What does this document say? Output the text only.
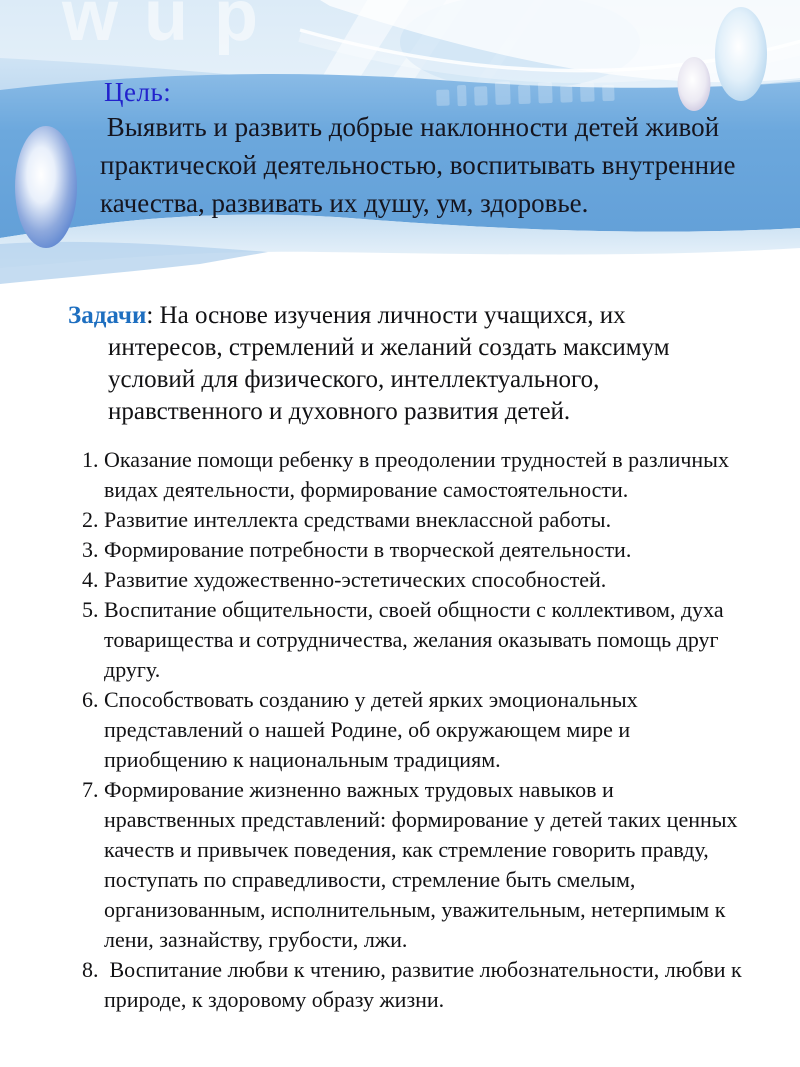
wup
Цель:
Выявить и развить добрые наклонности детей живой практической деятельностью, воспитывать внутренние качества, развивать их душу, ум, здоровье.
Задачи: На основе изучения личности учащихся, их интересов, стремлений и желаний создать максимум условий для физического, интеллектуального, нравственного и духовного развития детей.
1. Оказание помощи ребенку в преодолении трудностей в различных видах деятельности, формирование самостоятельности.
2. Развитие интеллекта средствами внеклассной работы.
3. Формирование потребности в творческой деятельности.
4. Развитие художественно-эстетических способностей.
5. Воспитание общительности, своей общности с коллективом, духа товарищества и сотрудничества, желания оказывать помощь друг другу.
6. Способствовать созданию у детей ярких эмоциональных представлений о нашей Родине, об окружающем мире и приобщению к национальным традициям.
7. Формирование жизненно важных трудовых навыков и нравственных представлений: формирование у детей таких ценных качеств и привычек поведения, как стремление говорить правду, поступать по справедливости, стремление быть смелым, организованным, исполнительным, уважительным, нетерпимым к лени, зазнайству, грубости, лжи.
8.  Воспитание любви к чтению, развитие любознательности, любви к природе, к здоровому образу жизни.
